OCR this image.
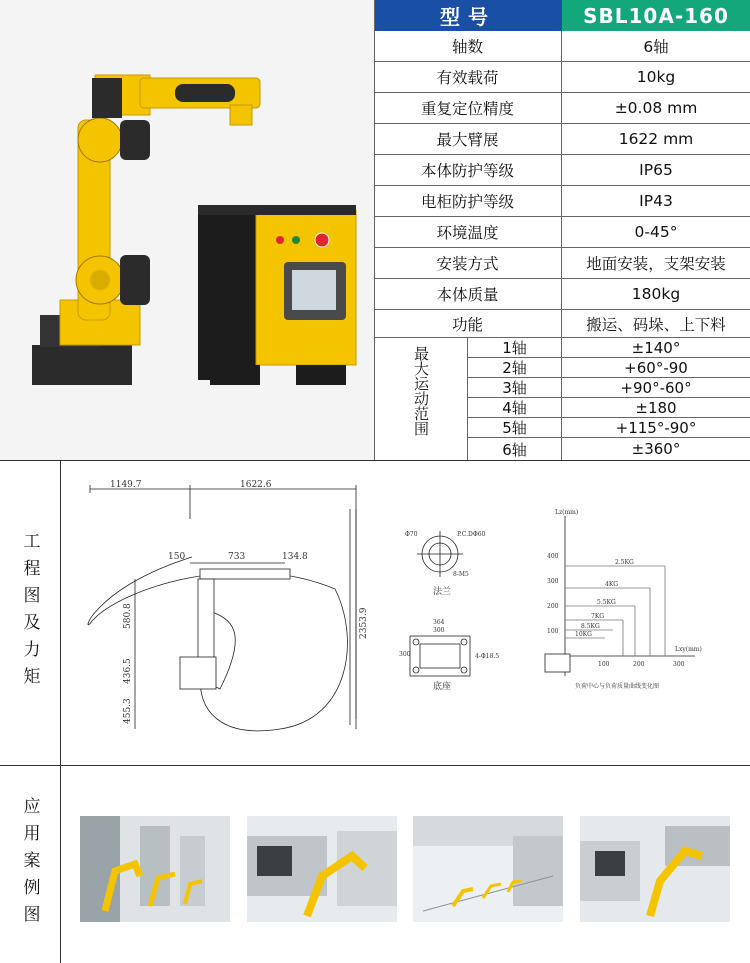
型号	SBL10A-160
轴数	6轴
有效载荷	10kg
重复定位精度	±0.08 mm
最大臂展	1622 mm
本体防护等级	IP65
电柜防护等级	IP43
环境温度	0-45°
安装方式	地面安装，支架安装
本体质量	180kg
功能	搬运、码垛、上下料
最大运动范围	1轴	±140°
2轴	+60°-90
3轴	+90°-60°
4轴	±180
5轴	+115°-90°
6轴	±360°
工程图及力矩
1149.7	1622.6
150	733	134.8
580.8
436.5
455.3
2353.9
Φ70	P.C.DΦ60
8-M5
法兰
364
300
300	4-Φ18.5
底座
Lz(mm)
Lxy(mm)
400
300
200
100
100	200	300
2.5KG
4KG
5.5KG
7KG
8.5KG
10KG
负荷中心与负荷质量曲线变化图
应用案例图
